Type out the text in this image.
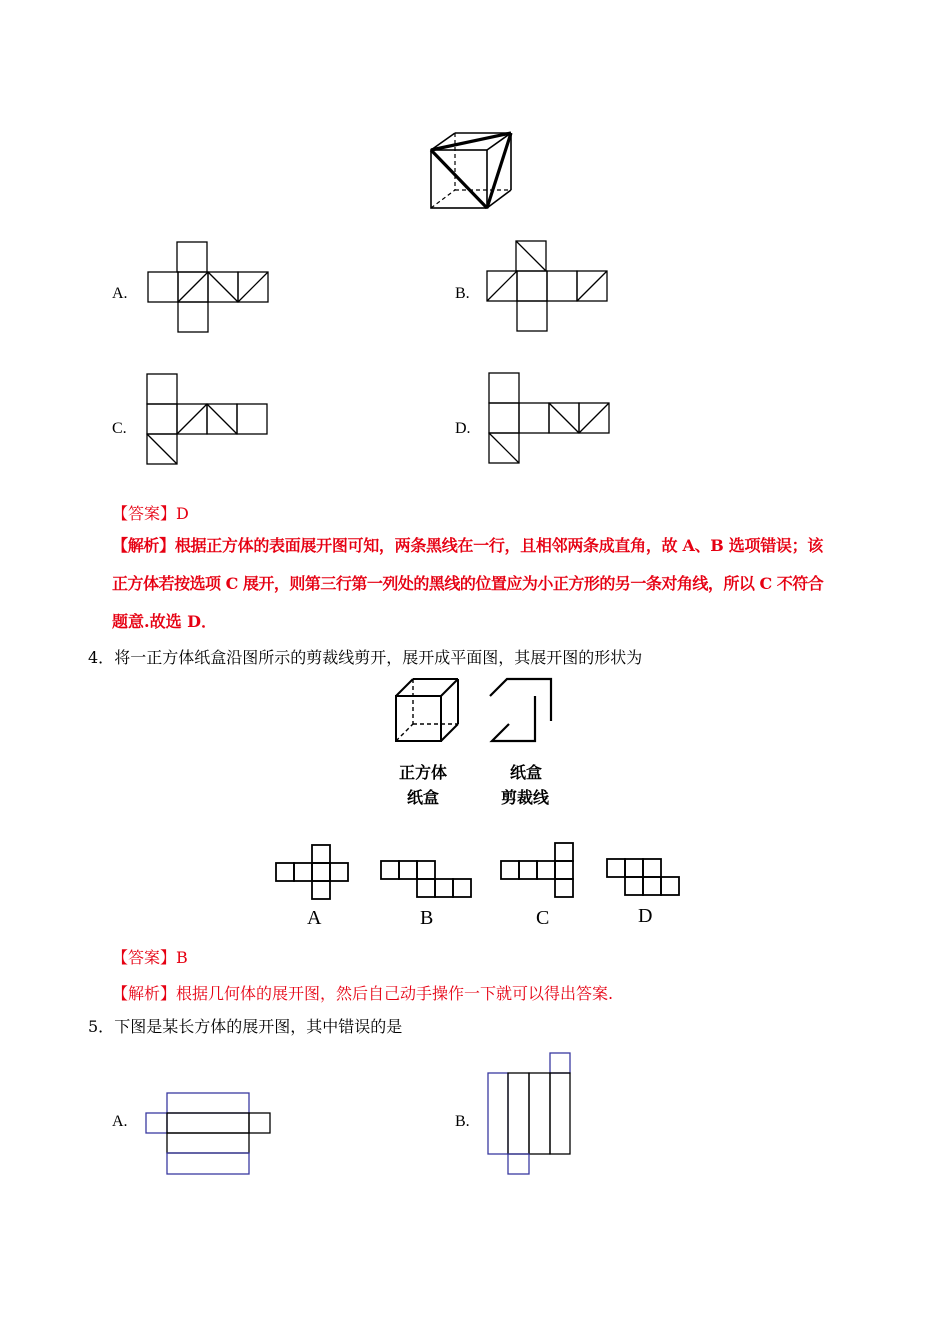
A.	B.
C.	D.
【答案】D
【解析】根据正方体的表面展开图可知，两条黑线在一行，且相邻两条成直角，故 A、B 选项错误；该
正方体若按选项 C 展开，则第三行第一列处的黑线的位置应为小正方形的另一条对角线，所以 C 不符合
题意.故选 D．
4．将一正方体纸盒沿图所示的剪裁线剪开，展开成平面图，其展开图的形状为
正方体
纸盒
纸盒
剪裁线
A	B	C	D
【答案】B
【解析】根据几何体的展开图，然后自己动手操作一下就可以得出答案.
5．下图是某长方体的展开图，其中错误的是
A.	B.
